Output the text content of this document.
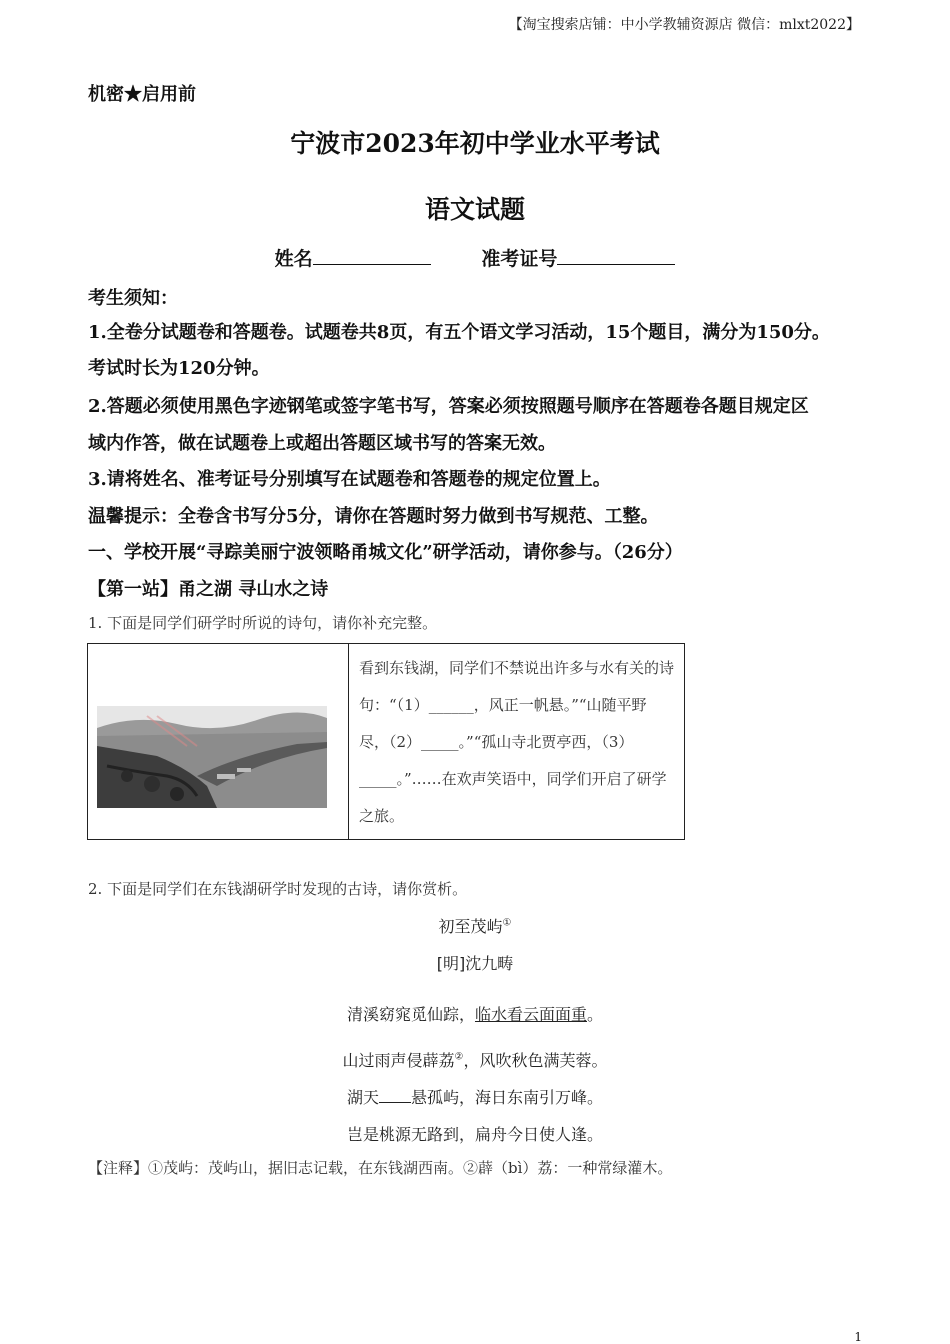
【淘宝搜索店铺：中小学教辅资源店 微信：mlxt2022】
机密★启用前
宁波市2023年初中学业水平考试
语文试题
姓名	准考证号
考生须知：
1.全卷分试题卷和答题卷。试题卷共8页，有五个语文学习活动，15个题目，满分为150分。
考试时长为120分钟。
2.答题必须使用黑色字迹钢笔或签字笔书写，答案必须按照题号顺序在答题卷各题目规定区
域内作答，做在试题卷上或超出答题区域书写的答案无效。
3.请将姓名、准考证号分别填写在试题卷和答题卷的规定位置上。
温馨提示：全卷含书写分5分，请你在答题时努力做到书写规范、工整。
一、学校开展“寻踪美丽宁波领略甬城文化”研学活动，请你参与。（26分）
【第一站】甬之湖 寻山水之诗
1. 下面是同学们研学时所说的诗句，请你补充完整。
看到东钱湖，同学们不禁说出许多与水有关的诗句：“（1）______，风正一帆悬。”“山随平野尽，（2）_____。”“孤山寺北贾亭西，（3）_____。”……在欢声笑语中，同学们开启了研学之旅。
2. 下面是同学们在东钱湖研学时发现的古诗，请你赏析。
初至茂屿①
[明]沈九畴
清溪窈窕觅仙踪，临水看云面面重。
山过雨声侵薜荔②，风吹秋色满芙蓉。
湖天 悬孤屿，海日东南引万峰。
岂是桃源无路到，扁舟今日使人逢。
【注释】①茂屿：茂屿山，据旧志记载，在东钱湖西南。②薜（bì）荔：一种常绿灌木。
1
